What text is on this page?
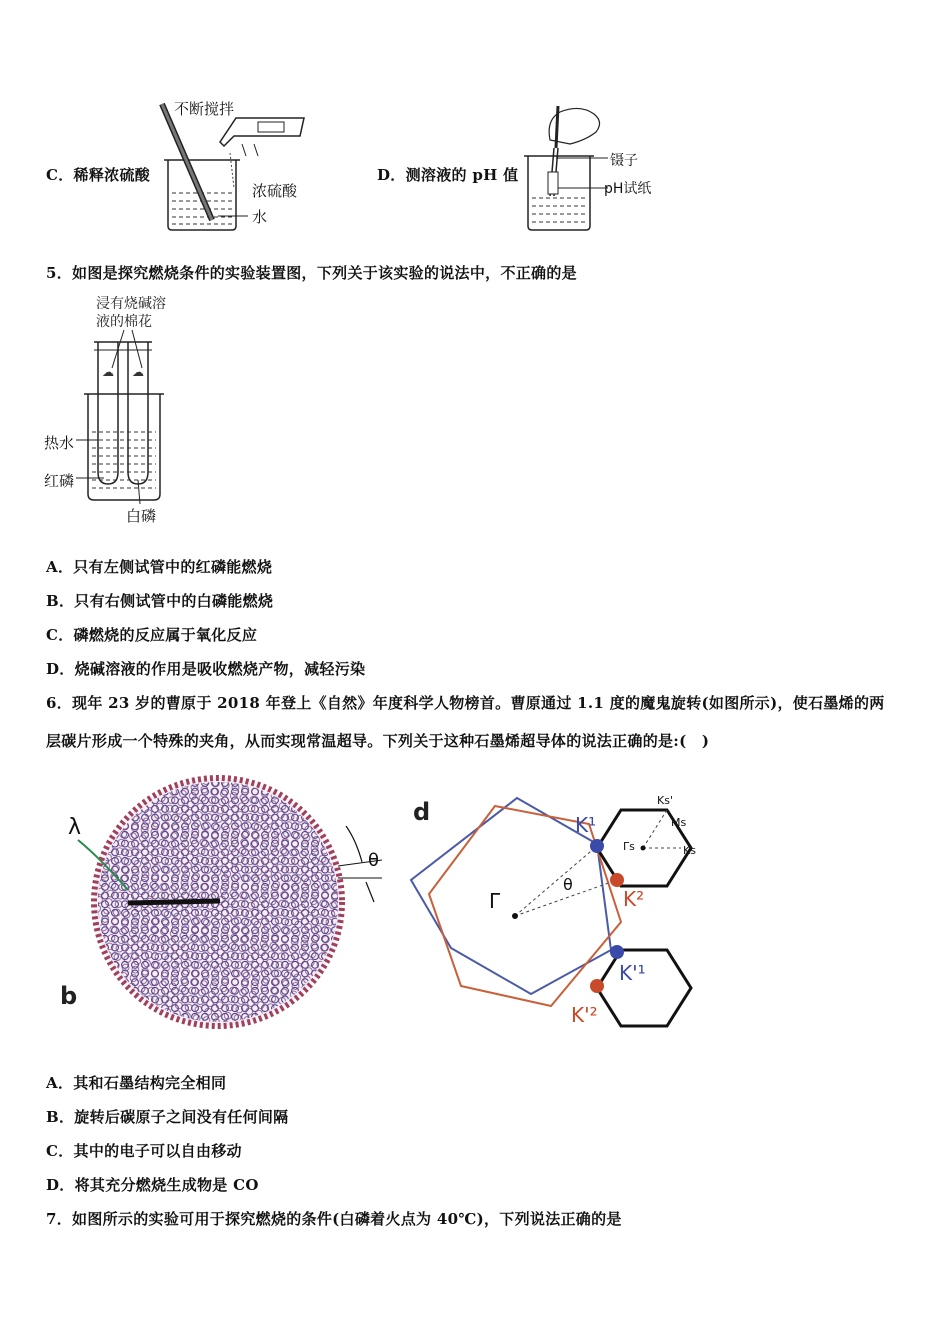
C．稀释浓硫酸
不断搅拌
浓硫酸
水
D．测溶液的 pH 值
镊子
pH试纸
5．如图是探究燃烧条件的实验装置图，下列关于该实验的说法中，不正确的是
浸有烧碱溶
液的棉花
☁ ☁
热水
红磷
白磷
A．只有左侧试管中的红磷能燃烧
B．只有右侧试管中的白磷能燃烧
C．磷燃烧的反应属于氧化反应
D．烧碱溶液的作用是吸收燃烧产物，减轻污染
6．现年 23 岁的曹原于 2018 年登上《自然》年度科学人物榜首。曹原通过 1.1 度的魔鬼旋转(如图所示)，使石墨烯的两
层碳片形成一个特殊的夹角，从而实现常温超导。下列关于这种石墨烯超导体的说法正确的是:(　)
λ
θ
b
d
Γ
θ
K¹
K²
K'¹
K'²
Γs
Ms
Ks
Ks'
A．其和石墨结构完全相同
B．旋转后碳原子之间没有任何间隔
C．其中的电子可以自由移动
D．将其充分燃烧生成物是 CO
7．如图所示的实验可用于探究燃烧的条件(白磷着火点为 40℃)，下列说法正确的是
